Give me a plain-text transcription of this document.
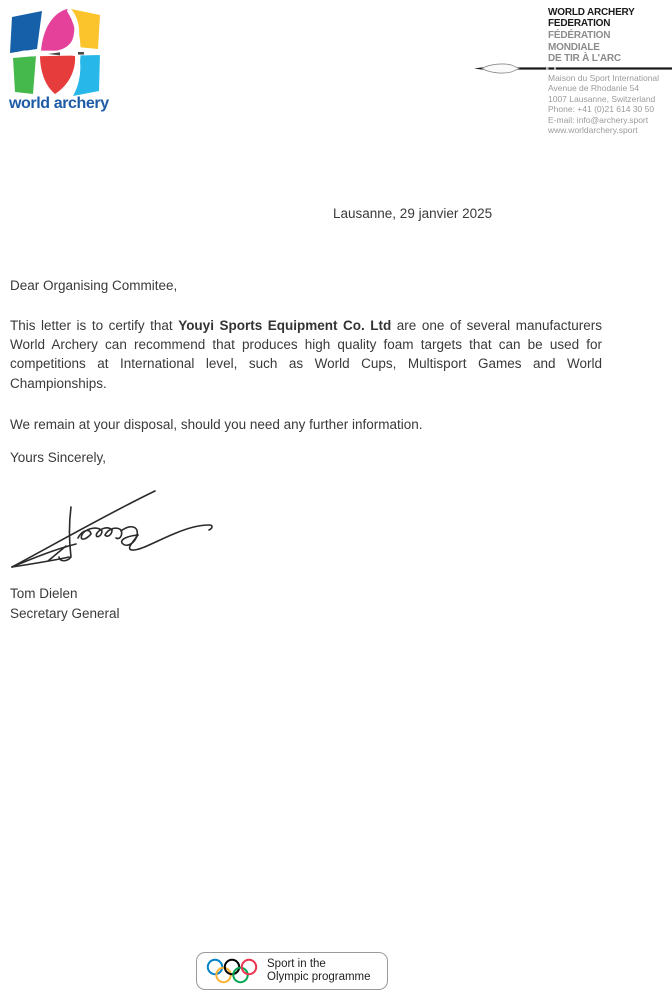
world archery
WORLD ARCHERY
FEDERATION
FÉDÉRATION
MONDIALE
DE TIR À L'ARC
Maison du Sport International
Avenue de Rhodanie 54
1007 Lausanne, Switzerland
Phone: +41 (0)21 614 30 50
E-mail: info@archery.sport
www.worldarchery.sport
Lausanne, 29 janvier 2025
Dear Organising Commitee,

This letter is to certify that Youyi Sports Equipment Co. Ltd are one of several manufacturers World Archery can recommend that produces high quality foam targets that can be used for competitions at International level, such as World Cups, Multisport Games and World Championships.

We remain at your disposal, should you need any further information.

Yours Sincerely,
Tom Dielen
Secretary General
Sport in the
Olympic programme
